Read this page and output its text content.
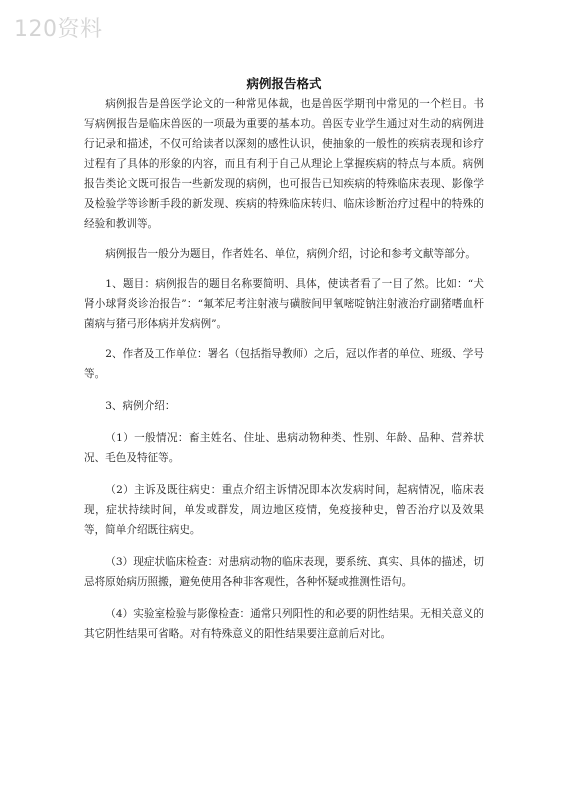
120资料
病例报告格式

病例报告是兽医学论文的一种常见体裁，也是兽医学期刊中常见的一个栏目。书写病例报告是临床兽医的一项最为重要的基本功。兽医专业学生通过对生动的病例进行记录和描述，不仅可给读者以深刻的感性认识，使抽象的一般性的疾病表现和诊疗过程有了具体的形象的内容，而且有利于自己从理论上掌握疾病的特点与本质。病例报告类论文既可报告一些新发现的病例，也可报告已知疾病的特殊临床表现、影像学及检验学等诊断手段的新发现、疾病的特殊临床转归、临床诊断治疗过程中的特殊的经验和教训等。

病例报告一般分为题目，作者姓名、单位，病例介绍，讨论和参考文献等部分。

1、题目：病例报告的题目名称要简明、具体，使读者看了一目了然。比如：“犬肾小球肾炎诊治报告”：“氟苯尼考注射液与磺胺间甲氧嘧啶钠注射液治疗副猪嗜血杆菌病与猪弓形体病并发病例”。

2、作者及工作单位：署名（包括指导教师）之后，冠以作者的单位、班级、学号等。

3、病例介绍：

（1）一般情况：畜主姓名、住址、患病动物种类、性别、年龄、品种、营养状况、毛色及特征等。

（2）主诉及既往病史：重点介绍主诉情况即本次发病时间，起病情况，临床表现，症状持续时间，单发或群发，周边地区疫情，免疫接种史，曾否治疗以及效果等，简单介绍既往病史。

（3）现症状临床检查：对患病动物的临床表现，要系统、真实、具体的描述，切忌将原始病历照搬，避免使用各种非客观性，各种怀疑或推测性语句。

（4）实验室检验与影像检查：通常只列阳性的和必要的阴性结果。无相关意义的其它阴性结果可省略。对有特殊意义的阳性结果要注意前后对比。
